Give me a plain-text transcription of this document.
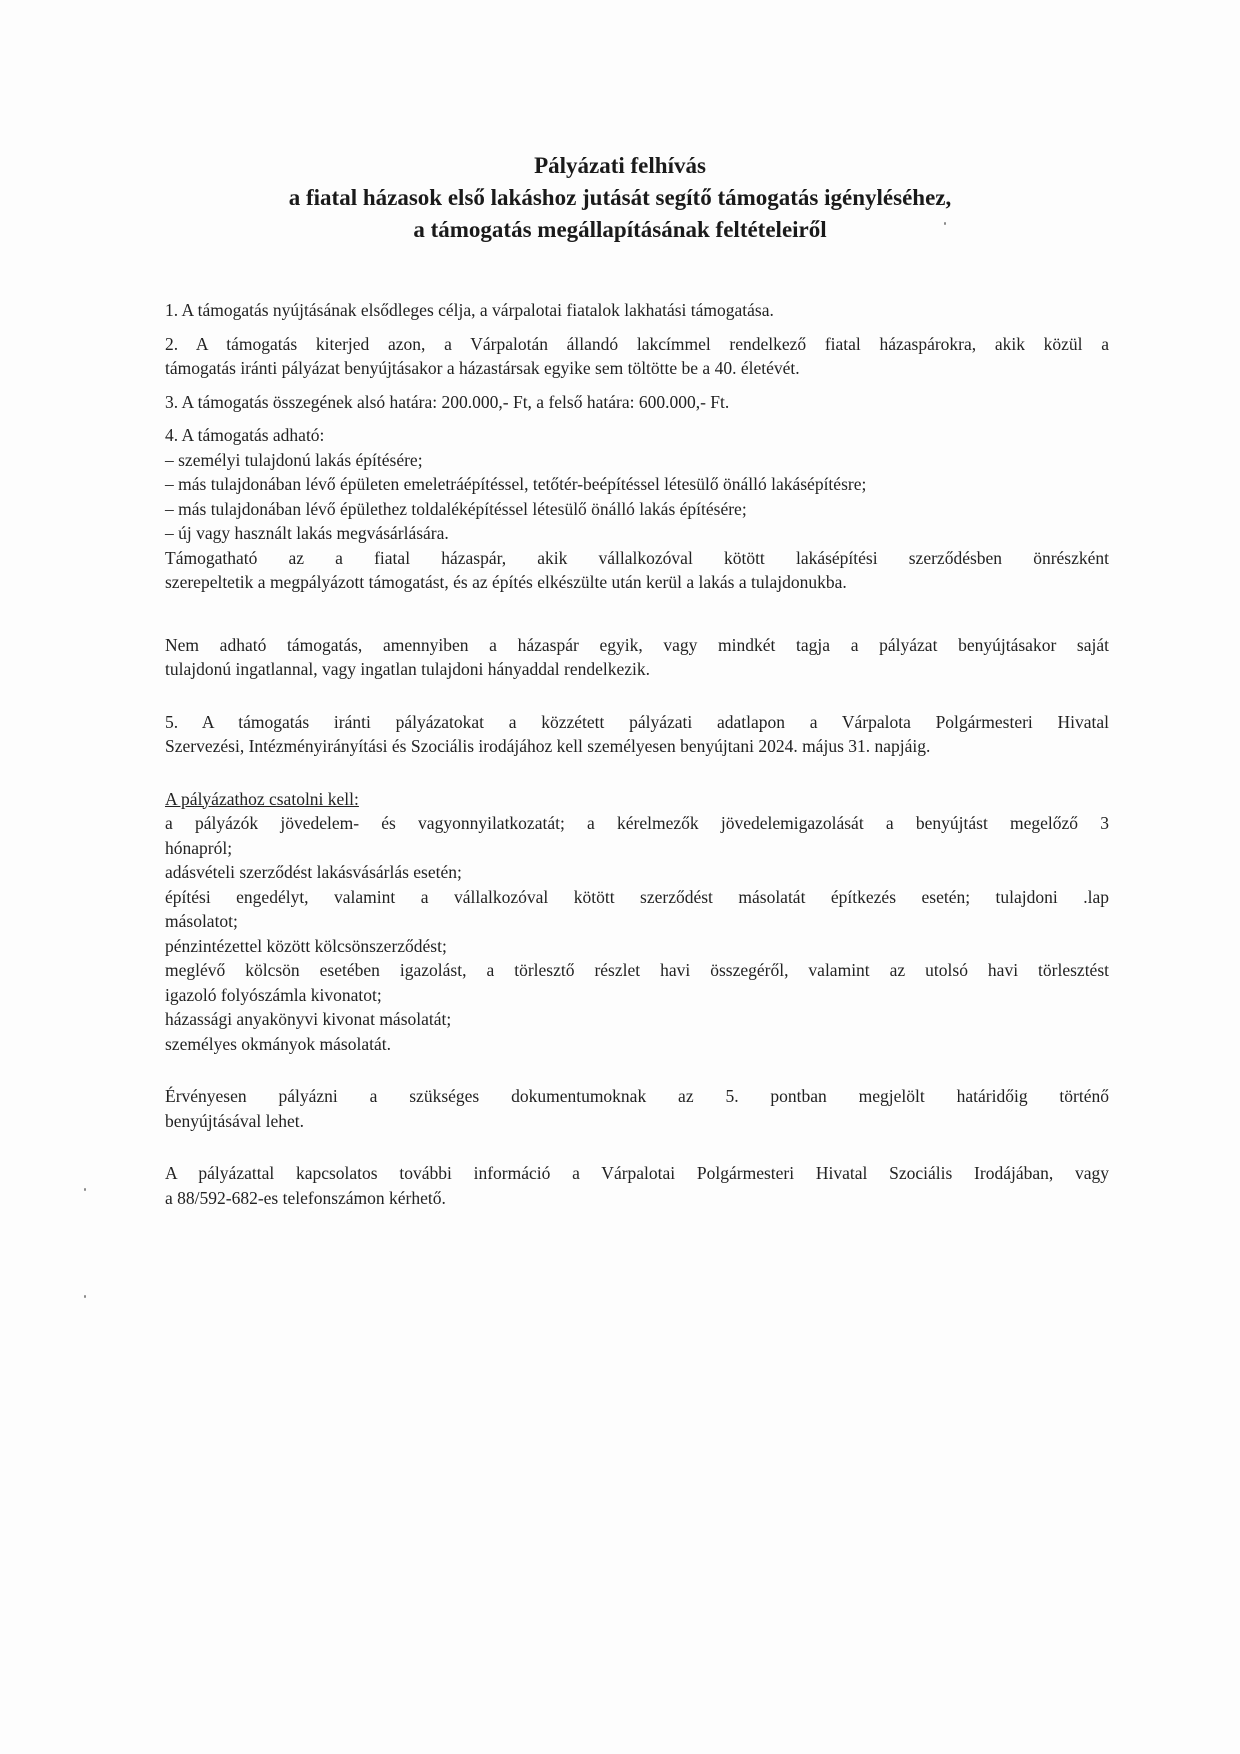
Pályázati felhívás
a fiatal házasok első lakáshoz jutását segítő támogatás igényléséhez,
a támogatás megállapításának feltételeiről

1. A támogatás nyújtásának elsődleges célja, a várpalotai fiatalok lakhatási támogatása.

2. A támogatás kiterjed azon, a Várpalotán állandó lakcímmel rendelkező fiatal házaspárokra, akik közül a
támogatás iránti pályázat benyújtásakor a házastársak egyike sem töltötte be a 40. életévét.

3. A támogatás összegének alsó határa: 200.000,- Ft, a felső határa: 600.000,- Ft.

4. A támogatás adható:
– személyi tulajdonú lakás építésére;
– más tulajdonában lévő épületen emeletráépítéssel, tetőtér-beépítéssel létesülő önálló lakásépítésre;
– más tulajdonában lévő épülethez toldaléképítéssel létesülő önálló lakás építésére;
– új vagy használt lakás megvásárlására.
Támogatható az a fiatal házaspár, akik vállalkozóval kötött lakásépítési szerződésben önrészként
szerepeltetik a megpályázott támogatást, és az építés elkészülte után kerül a lakás a tulajdonukba.

Nem adható támogatás, amennyiben a házaspár egyik, vagy mindkét tagja a pályázat benyújtásakor saját
tulajdonú ingatlannal, vagy ingatlan tulajdoni hányaddal rendelkezik.

5. A támogatás iránti pályázatokat a közzétett pályázati adatlapon a Várpalota Polgármesteri Hivatal
Szervezési, Intézményirányítási és Szociális irodájához kell személyesen benyújtani 2024. május 31. napjáig.

A pályázathoz csatolni kell:
a pályázók jövedelem- és vagyonnyilatkozatát; a kérelmezők jövedelemigazolását a benyújtást megelőző 3
hónapról;
adásvételi szerződést lakásvásárlás esetén;
építési engedélyt, valamint a vállalkozóval kötött szerződést másolatát építkezés esetén; tulajdoni .lap
másolatot;
pénzintézettel között kölcsönszerződést;
meglévő kölcsön esetében igazolást, a törlesztő részlet havi összegéről, valamint az utolsó havi törlesztést
igazoló folyószámla kivonatot;
házassági anyakönyvi kivonat másolatát;
személyes okmányok másolatát.

Érvényesen pályázni a szükséges dokumentumoknak az 5. pontban megjelölt határidőig történő
benyújtásával lehet.

A pályázattal kapcsolatos további információ a Várpalotai Polgármesteri Hivatal Szociális Irodájában, vagy
a 88/592-682-es telefonszámon kérhető.
